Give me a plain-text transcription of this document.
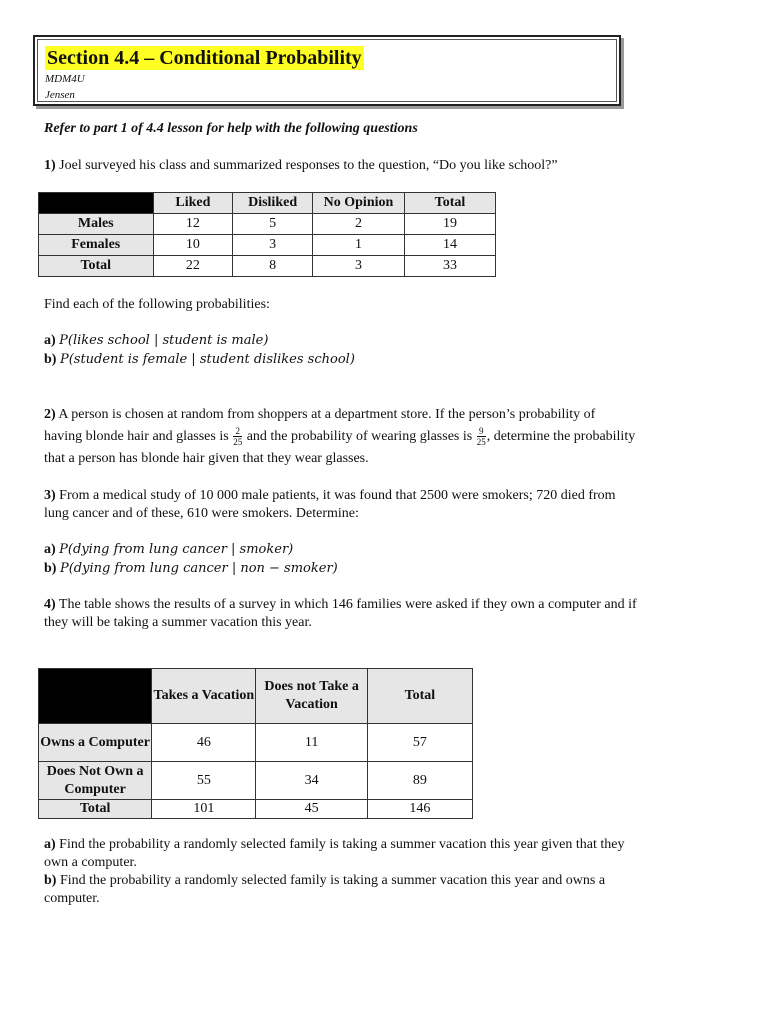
Section 4.4 – Conditional Probability
MDM4U
Jensen
Refer to part 1 of 4.4 lesson for help with the following questions
1) Joel surveyed his class and summarized responses to the question, “Do you like school?”
	Liked	Disliked	No Opinion	Total
Males	12	5	2	19
Females	10	3	1	14
Total	22	8	3	33
Find each of the following probabilities:
a) P(likes school | student is male)
b) P(student is female | student dislikes school)
2) A person is chosen at random from shoppers at a department store. If the person’s probability of
having blonde hair and glasses is $\frac{2}{25}$ and the probability of wearing glasses is $\frac{9}{25}$ , determine the probability
that a person has blonde hair given that they wear glasses.
3) From a medical study of 10 000 male patients, it was found that 2500 were smokers; 720 died from
lung cancer and of these, 610 were smokers. Determine:
a) P(dying from lung cancer | smoker)
b) P(dying from lung cancer | non − smoker)
4) The table shows the results of a survey in which 146 families were asked if they own a computer and if
they will be taking a summer vacation this year.
	Takes a Vacation	Does not Take a Vacation	Total
Owns a Computer	46	11	57
Does Not Own a Computer	55	34	89
Total	101	45	146
a) Find the probability a randomly selected family is taking a summer vacation this year given that they
own a computer.
b) Find the probability a randomly selected family is taking a summer vacation this year and owns a
computer.
